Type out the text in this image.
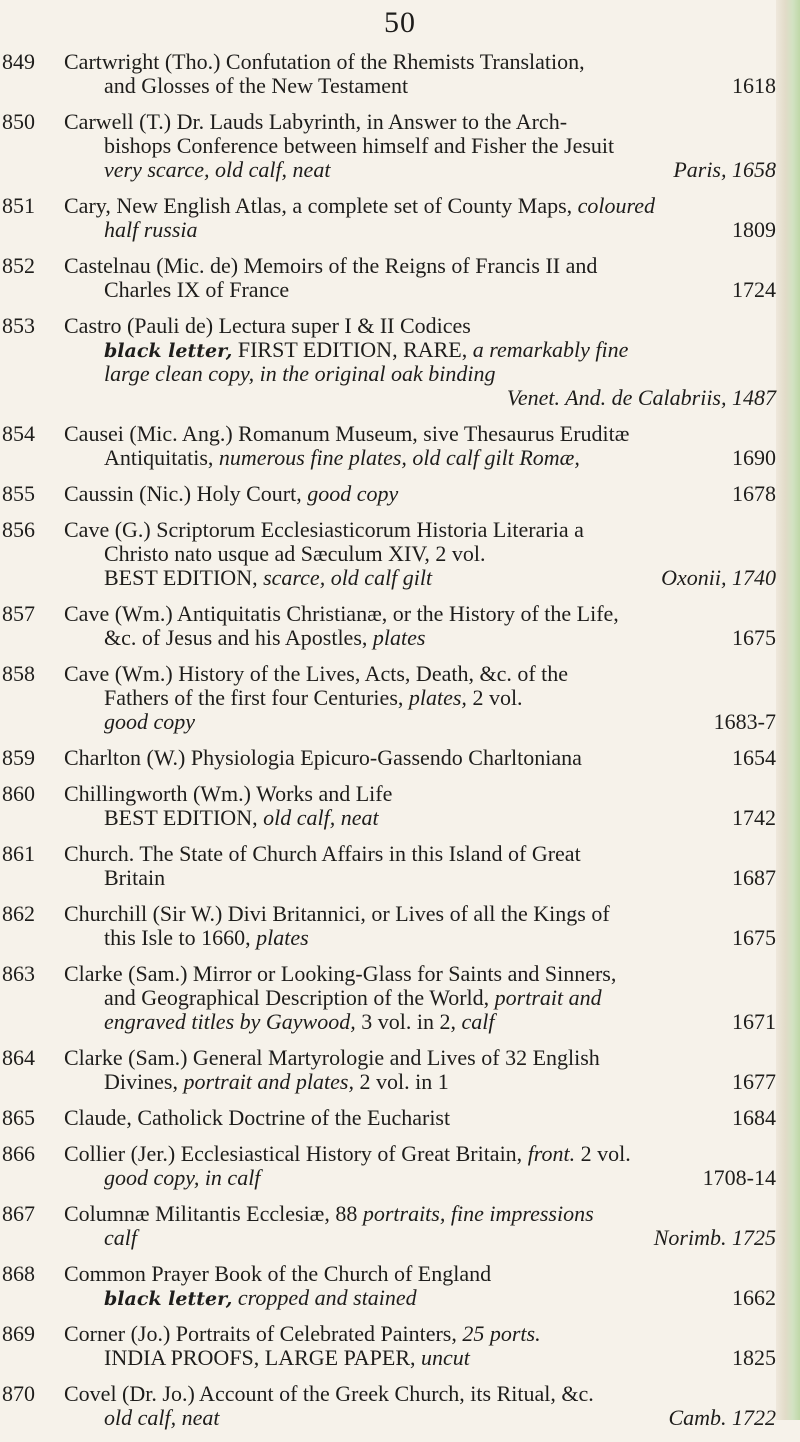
50
849	Cartwright (Tho.) Confutation of the Rhemists Translation,
and Glosses of the New Testament	1618
850	Carwell (T.) Dr. Lauds Labyrinth, in Answer to the Arch-
bishops Conference between himself and Fisher the Jesuit
very scarce, old calf, neat	Paris, 1658
851	Cary, New English Atlas, a complete set of County Maps, coloured
half russia	1809
852	Castelnau (Mic. de) Memoirs of the Reigns of Francis II and
Charles IX of France	1724
853	Castro (Pauli de) Lectura super I & II Codices
black letter, FIRST EDITION, RARE, a remarkably fine
large clean copy, in the original oak binding
Venet. And. de Calabriis, 1487
854	Causei (Mic. Ang.) Romanum Museum, sive Thesaurus Eruditæ
Antiquitatis, numerous fine plates, old calf gilt Romæ,	1690
855	Caussin (Nic.) Holy Court, good copy	1678
856	Cave (G.) Scriptorum Ecclesiasticorum Historia Literaria a
Christo nato usque ad Sæculum XIV, 2 vol.
BEST EDITION, scarce, old calf gilt	Oxonii, 1740
857	Cave (Wm.) Antiquitatis Christianæ, or the History of the Life,
&c. of Jesus and his Apostles, plates	1675
858	Cave (Wm.) History of the Lives, Acts, Death, &c. of the
Fathers of the first four Centuries, plates, 2 vol.
good copy	1683-7
859	Charlton (W.) Physiologia Epicuro-Gassendo Charltoniana	1654
860	Chillingworth (Wm.) Works and Life
BEST EDITION, old calf, neat	1742
861	Church. The State of Church Affairs in this Island of Great
Britain	1687
862	Churchill (Sir W.) Divi Britannici, or Lives of all the Kings of
this Isle to 1660, plates	1675
863	Clarke (Sam.) Mirror or Looking-Glass for Saints and Sinners,
and Geographical Description of the World, portrait and
engraved titles by Gaywood, 3 vol. in 2, calf	1671
864	Clarke (Sam.) General Martyrologie and Lives of 32 English
Divines, portrait and plates, 2 vol. in 1	1677
865	Claude, Catholick Doctrine of the Eucharist	1684
866	Collier (Jer.) Ecclesiastical History of Great Britain, front. 2 vol.
good copy, in calf	1708-14
867	Columnæ Militantis Ecclesiæ, 88 portraits, fine impressions
calf	Norimb. 1725
868	Common Prayer Book of the Church of England
black letter, cropped and stained	1662
869	Corner (Jo.) Portraits of Celebrated Painters, 25 ports.
INDIA PROOFS, LARGE PAPER, uncut	1825
870	Covel (Dr. Jo.) Account of the Greek Church, its Ritual, &c.
old calf, neat	Camb. 1722
